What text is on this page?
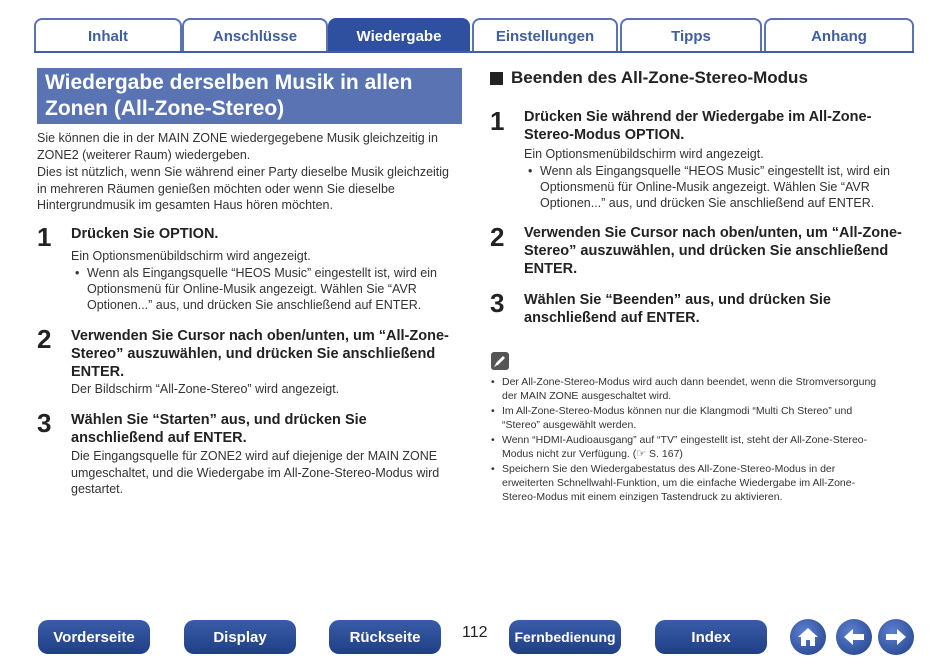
Inhalt	Anschlüsse	Wiedergabe	Einstellungen	Tipps	Anhang
Wiedergabe derselben Musik in allen
Zonen (All-Zone-Stereo)
Sie können die in der MAIN ZONE wiedergegebene Musik gleichzeitig in
ZONE2 (weiterer Raum) wiedergeben.
Dies ist nützlich, wenn Sie während einer Party dieselbe Musik gleichzeitig
in mehreren Räumen genießen möchten oder wenn Sie dieselbe
Hintergrundmusik im gesamten Haus hören möchten.
1 Drücken Sie OPTION.
Ein Optionsmenübildschirm wird angezeigt.
• Wenn als Eingangsquelle “HEOS Music” eingestellt ist, wird ein
Optionsmenü für Online-Musik angezeigt. Wählen Sie “AVR
Optionen...” aus, und drücken Sie anschließend auf ENTER.
2 Verwenden Sie Cursor nach oben/unten, um “All-Zone-
Stereo” auszuwählen, und drücken Sie anschließend
ENTER.
Der Bildschirm “All-Zone-Stereo” wird angezeigt.
3 Wählen Sie “Starten” aus, und drücken Sie
anschließend auf ENTER.
Die Eingangsquelle für ZONE2 wird auf diejenige der MAIN ZONE
umgeschaltet, und die Wiedergabe im All-Zone-Stereo-Modus wird
gestartet.
Beenden des All-Zone-Stereo-Modus
1 Drücken Sie während der Wiedergabe im All-Zone-
Stereo-Modus OPTION.
Ein Optionsmenübildschirm wird angezeigt.
• Wenn als Eingangsquelle “HEOS Music” eingestellt ist, wird ein
Optionsmenü für Online-Musik angezeigt. Wählen Sie “AVR
Optionen...” aus, und drücken Sie anschließend auf ENTER.
2 Verwenden Sie Cursor nach oben/unten, um “All-Zone-
Stereo” auszuwählen, und drücken Sie anschließend
ENTER.
3 Wählen Sie “Beenden” aus, und drücken Sie
anschließend auf ENTER.
• Der All-Zone-Stereo-Modus wird auch dann beendet, wenn die Stromversorgung
der MAIN ZONE ausgeschaltet wird.
• Im All-Zone-Stereo-Modus können nur die Klangmodi “Multi Ch Stereo” und
“Stereo” ausgewählt werden.
• Wenn “HDMI-Audioausgang” auf “TV” eingestellt ist, steht der All-Zone-Stereo-
Modus nicht zur Verfügung. (☞ S. 167)
• Speichern Sie den Wiedergabestatus des All-Zone-Stereo-Modus in der
erweiterten Schnellwahl-Funktion, um die einfache Wiedergabe im All-Zone-
Stereo-Modus mit einem einzigen Tastendruck zu aktivieren.
Vorderseite	Display	Rückseite	112	Fernbedienung	Index
